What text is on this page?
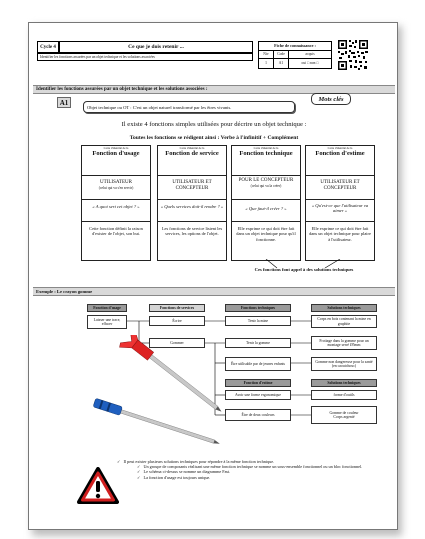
Cycle 4	Ce que je dois retenir ...	Fiche de connaissance :
Niv	Code	acquis
1	A1	oui □ non □
Identifier les fonctions assurées par un objet technique et les solutions associées
Identifier les fonctions assurées par un objet technique et les solutions associées :
A1
Objet technique ou OT : C'est un objet naturel transformé par les êtres vivants.
Mots clés
Il existe 4 fonctions simples utilisées pour décrire un objet technique :
Toutes les fonctions se rédigent ainsi : Verbe à l'infinitif + Complément
Carte d'identité de la
Fonction d'usage
UTILISATEUR
(celui qui va s'en servir)
« A quoi sert cet objet ? »
Cette fonction définit la raison d'exister de l'objet, son but.
Carte d'identité de la
Fonction de service
UTILISATEUR ET CONCEPTEUR
« Quels services doit-il rendre ? »
Les fonctions de service listent les services, les options de l'objet.
Carte d'identité de la
Fonction technique
POUR LE CONCEPTEUR
(celui qui va la créer)
« Que faut-il créer ? »
Elle exprime ce qui doit être fait dans un objet technique pour qu'il fonctionne.
Carte d'identité de la
Fonction d'estime
UTILISATEUR ET CONCEPTEUR
« Qu'est-ce que l'utilisateur va aimer »
Elle exprime ce qui doit être fait dans un objet technique pour plaire à l'utilisateur.
Ces fonctions font appel à des solutions techniques
Exemple : Le crayon gomme
Fonction d'usage	Fonctions de services	Fonctions techniques	Solutions techniques
Laisser une trace, effacer
Écrire
Gommer
Tenir la mine
Tenir la gomme
Être utilisable par de jeunes enfants
Corps en bois contenant la mine en graphite
Frottage dans la gomme pour un montage serré Ø5mm
Gomme non dangereuse pour la santé (en caoutchouc)
Fonction d'estime	Solutions techniques
Avoir une forme ergonomique
Être de deux couleurs
forme d'outils
Gomme de couleur
Corps argenté
✓ Il peut exister plusieurs solutions techniques pour répondre à la même fonction technique.
✓ Un groupe de composants réalisant une même fonction technique se nomme un sous-ensemble fonctionnel ou un bloc fonctionnel.
✓ Le schéma ci-dessus se nomme un diagramme Fast.
✓ La fonction d'usage est toujours unique.
